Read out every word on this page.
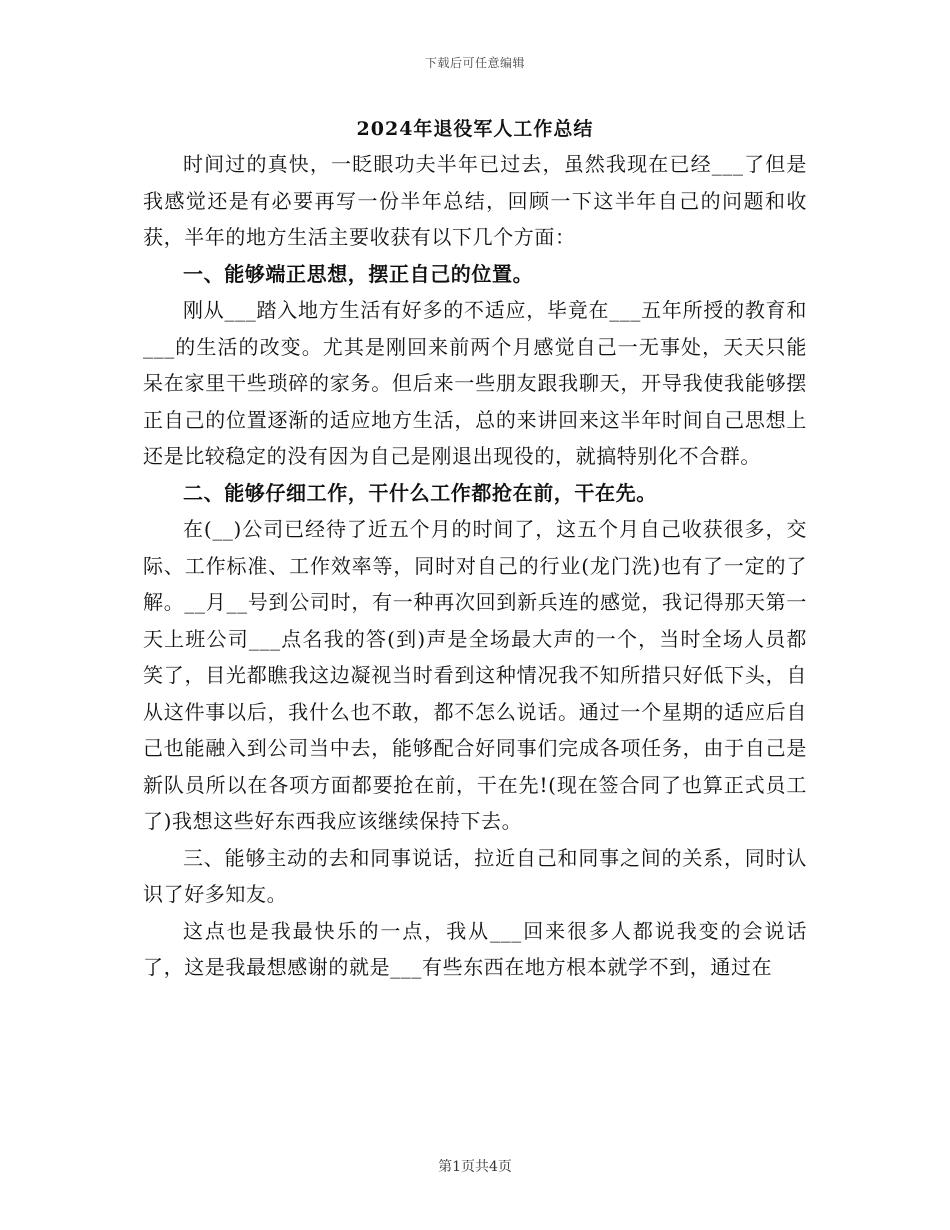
下载后可任意编辑
2024年退役军人工作总结

时间过的真快，一眨眼功夫半年已过去，虽然我现在已经___了但是我感觉还是有必要再写一份半年总结，回顾一下这半年自己的问题和收获，半年的地方生活主要收获有以下几个方面：

一、能够端正思想，摆正自己的位置。

刚从___踏入地方生活有好多的不适应，毕竟在___五年所授的教育和___的生活的改变。尤其是刚回来前两个月感觉自己一无事处，天天只能呆在家里干些琐碎的家务。但后来一些朋友跟我聊天，开导我使我能够摆正自己的位置逐渐的适应地方生活，总的来讲回来这半年时间自己思想上还是比较稳定的没有因为自己是刚退出现役的，就搞特别化不合群。

二、能够仔细工作，干什么工作都抢在前，干在先。

在(__)公司已经待了近五个月的时间了，这五个月自己收获很多，交际、工作标准、工作效率等，同时对自己的行业(龙门洗)也有了一定的了解。__月__号到公司时，有一种再次回到新兵连的感觉，我记得那天第一天上班公司___点名我的答(到)声是全场最大声的一个，当时全场人员都笑了，目光都瞧我这边凝视当时看到这种情况我不知所措只好低下头，自从这件事以后，我什么也不敢，都不怎么说话。通过一个星期的适应后自己也能融入到公司当中去，能够配合好同事们完成各项任务，由于自己是新队员所以在各项方面都要抢在前，干在先!(现在签合同了也算正式员工了)我想这些好东西我应该继续保持下去。

三、能够主动的去和同事说话，拉近自己和同事之间的关系，同时认识了好多知友。

这点也是我最快乐的一点，我从___回来很多人都说我变的会说话了，这是我最想感谢的就是___有些东西在地方根本就学不到，通过在

第1页共4页
